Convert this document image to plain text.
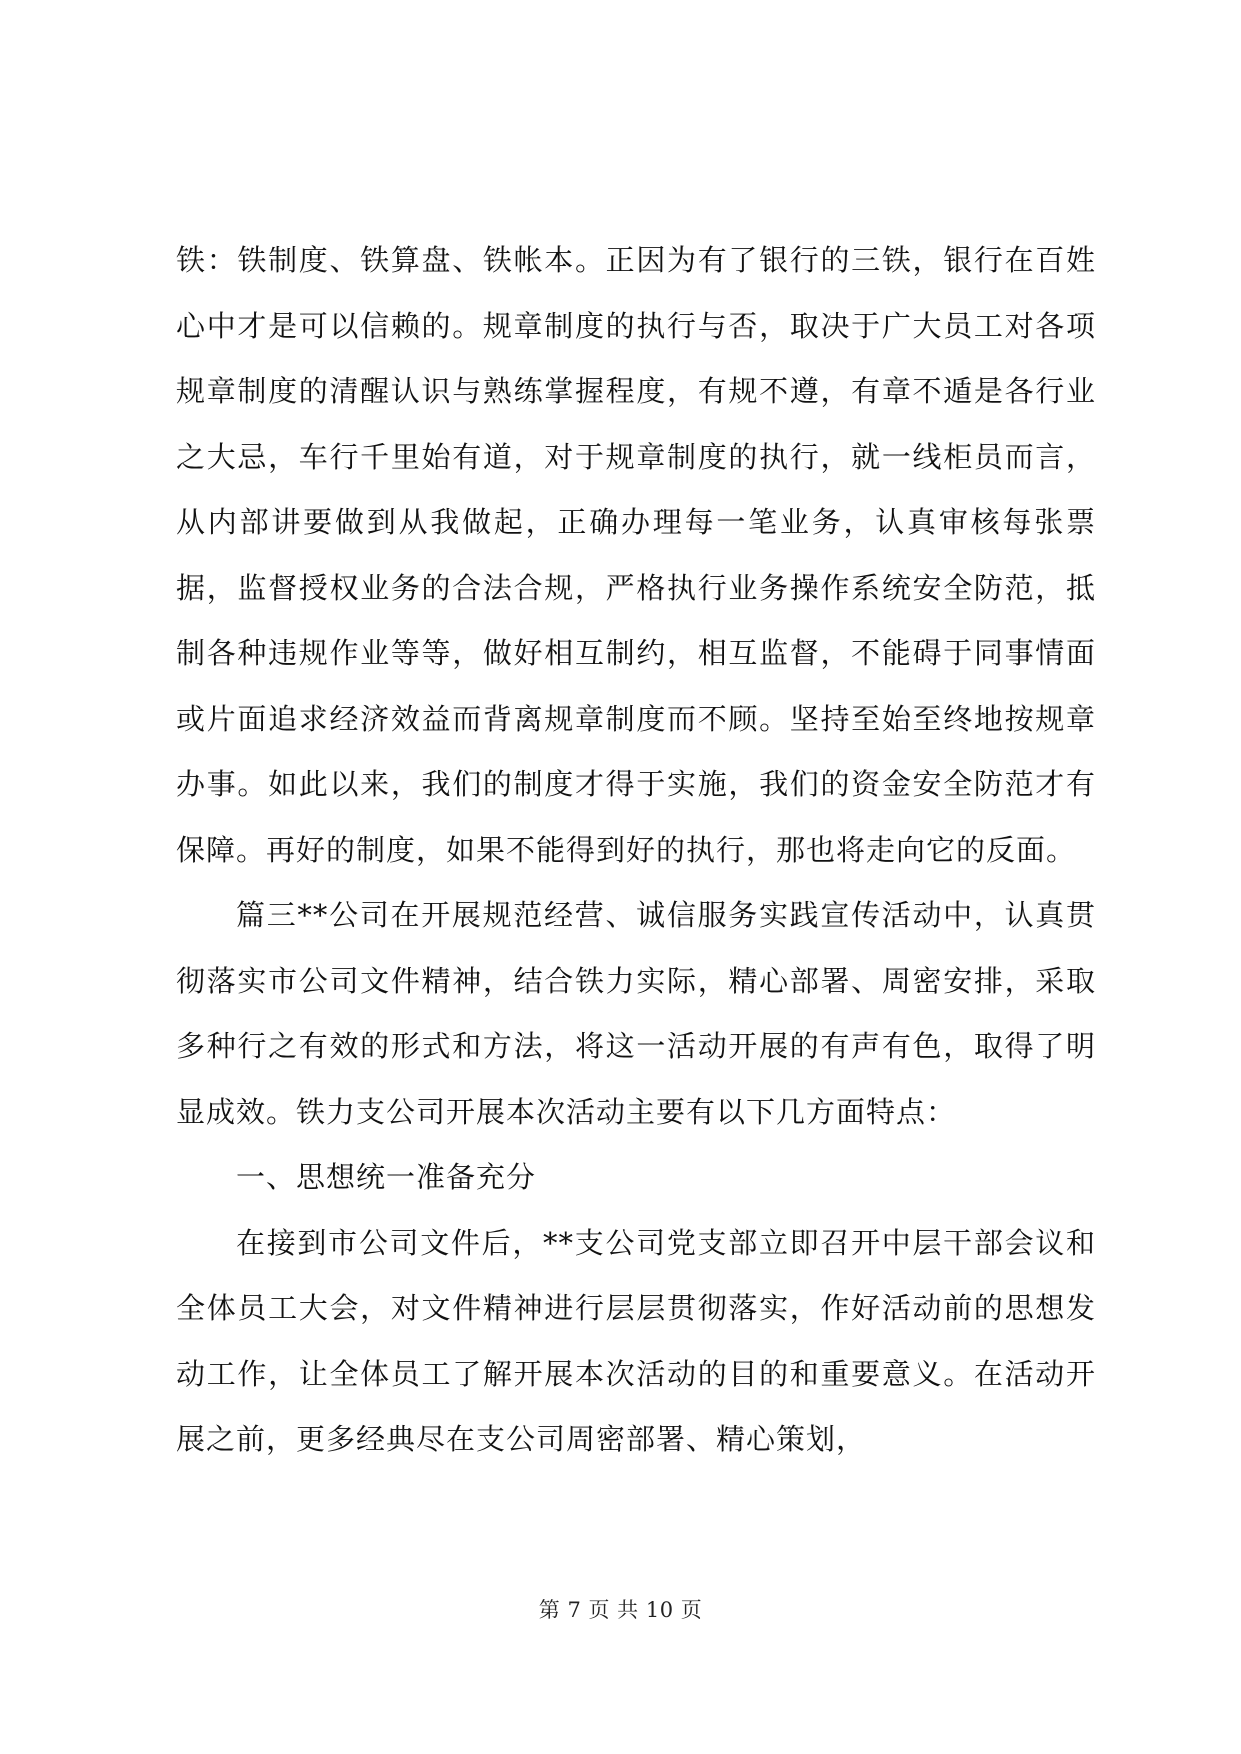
铁：铁制度、铁算盘、铁帐本。正因为有了银行的三铁，银行在百姓心中才是可以信赖的。规章制度的执行与否，取决于广大员工对各项规章制度的清醒认识与熟练掌握程度，有规不遵，有章不遁是各行业之大忌，车行千里始有道，对于规章制度的执行，就一线柜员而言，从内部讲要做到从我做起，正确办理每一笔业务，认真审核每张票据，监督授权业务的合法合规，严格执行业务操作系统安全防范，抵制各种违规作业等等，做好相互制约，相互监督，不能碍于同事情面或片面追求经济效益而背离规章制度而不顾。坚持至始至终地按规章办事。如此以来，我们的制度才得于实施，我们的资金安全防范才有保障。再好的制度，如果不能得到好的执行，那也将走向它的反面。

篇三**公司在开展规范经营、诚信服务实践宣传活动中，认真贯彻落实市公司文件精神，结合铁力实际，精心部署、周密安排，采取多种行之有效的形式和方法，将这一活动开展的有声有色，取得了明显成效。铁力支公司开展本次活动主要有以下几方面特点：

一、思想统一准备充分

在接到市公司文件后，**支公司党支部立即召开中层干部会议和全体员工大会，对文件精神进行层层贯彻落实，作好活动前的思想发动工作，让全体员工了解开展本次活动的目的和重要意义。在活动开展之前，更多经典尽在支公司周密部署、精心策划，

第 7 页 共 10 页
